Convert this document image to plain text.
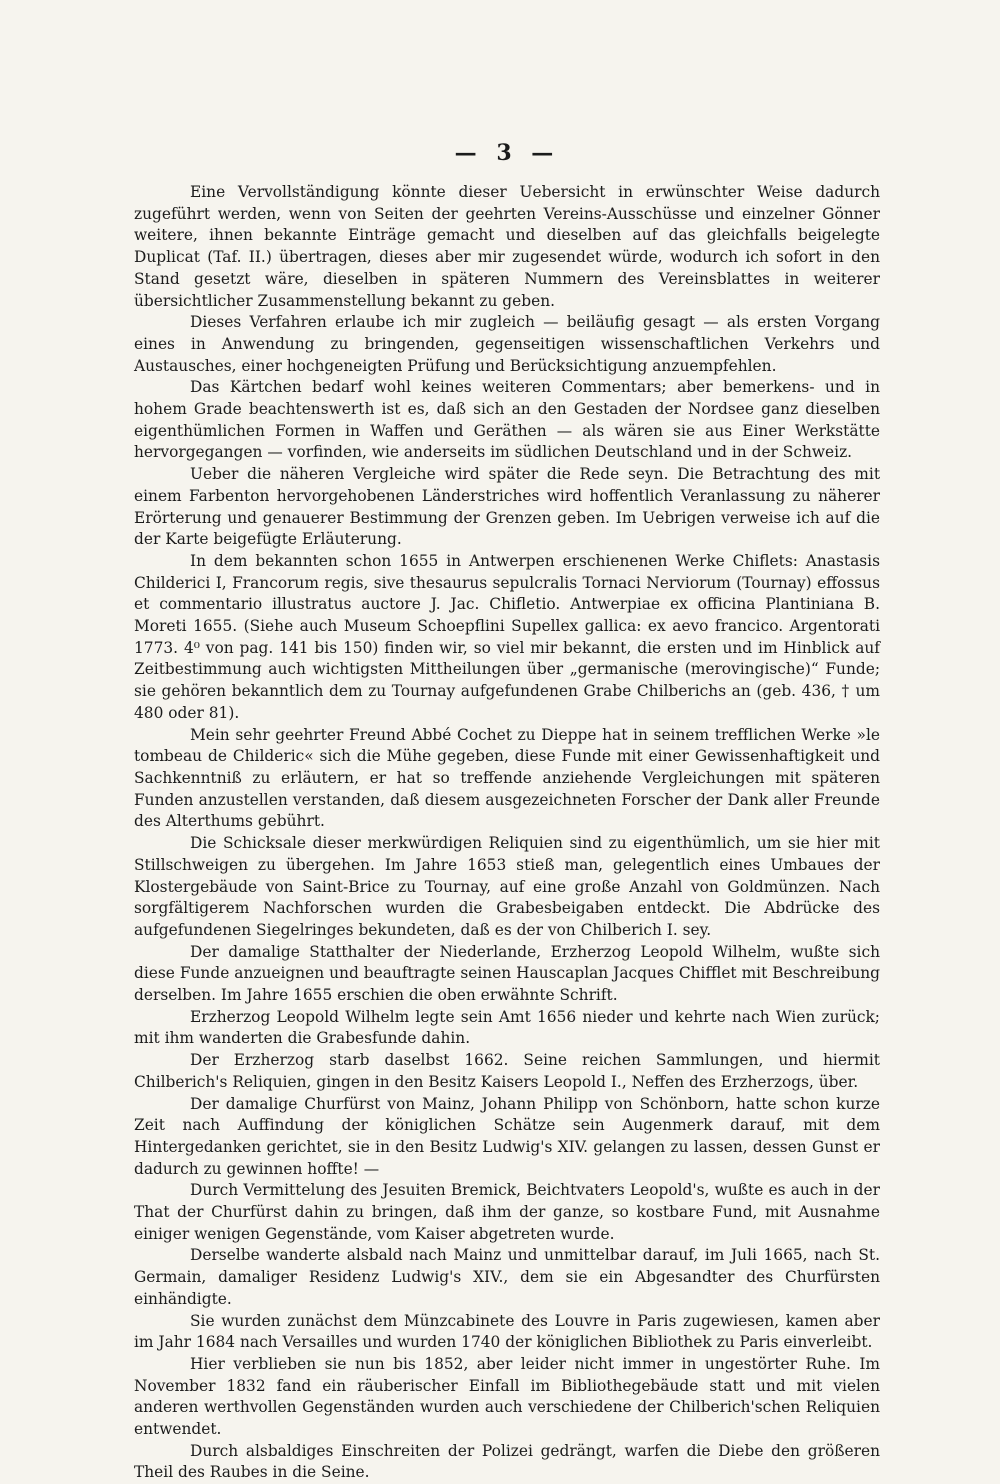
— 3 —

Eine Vervollständigung könnte dieser Uebersicht in erwünschter Weise dadurch zugeführt werden, wenn von Seiten der geehrten Vereins-Ausschüsse und einzelner Gönner weitere, ihnen bekannte Einträge gemacht und dieselben auf das gleichfalls beigelegte Duplicat (Taf. II.) übertragen, dieses aber mir zugesendet würde, wodurch ich sofort in den Stand gesetzt wäre, dieselben in späteren Nummern des Vereinsblattes in weiterer übersichtlicher Zusammenstellung bekannt zu geben.

Dieses Verfahren erlaube ich mir zugleich — beiläufig gesagt — als ersten Vorgang eines in Anwendung zu bringenden, gegenseitigen wissenschaftlichen Verkehrs und Austausches, einer hochgeneigten Prüfung und Berücksichtigung anzuempfehlen.

Das Kärtchen bedarf wohl keines weiteren Commentars; aber bemerkens- und in hohem Grade beachtenswerth ist es, daß sich an den Gestaden der Nordsee ganz dieselben eigenthümlichen Formen in Waffen und Geräthen — als wären sie aus Einer Werkstätte hervorgegangen — vorfinden, wie anderseits im südlichen Deutschland und in der Schweiz.

Ueber die näheren Vergleiche wird später die Rede seyn. Die Betrachtung des mit einem Farbenton hervorgehobenen Länderstriches wird hoffentlich Veranlassung zu näherer Erörterung und genauerer Bestimmung der Grenzen geben. Im Uebrigen verweise ich auf die der Karte beigefügte Erläuterung.

In dem bekannten schon 1655 in Antwerpen erschienenen Werke Chiflets: Anastasis Childerici I, Francorum regis, sive thesaurus sepulcralis Tornaci Nerviorum (Tournay) effossus et commentario illustratus auctore J. Jac. Chifletio. Antwerpiae ex officina Plantiniana B. Moreti 1655. (Siehe auch Museum Schoepflini Supellex gallica: ex aevo francico. Argentorati 1773. 4⁰ von pag. 141 bis 150) finden wir, so viel mir bekannt, die ersten und im Hinblick auf Zeitbestimmung auch wichtigsten Mittheilungen über „germanische (merovingische)“ Funde; sie gehören bekanntlich dem zu Tournay aufgefundenen Grabe Chilberichs an (geb. 436, † um 480 oder 81).

Mein sehr geehrter Freund Abbé Cochet zu Dieppe hat in seinem trefflichen Werke »le tombeau de Childeric« sich die Mühe gegeben, diese Funde mit einer Gewissenhaftigkeit und Sachkenntniß zu erläutern, er hat so treffende anziehende Vergleichungen mit späteren Funden anzustellen verstanden, daß diesem ausgezeichneten Forscher der Dank aller Freunde des Alterthums gebührt.

Die Schicksale dieser merkwürdigen Reliquien sind zu eigenthümlich, um sie hier mit Stillschweigen zu übergehen. Im Jahre 1653 stieß man, gelegentlich eines Umbaues der Klostergebäude von Saint-Brice zu Tournay, auf eine große Anzahl von Goldmünzen. Nach sorgfältigerem Nachforschen wurden die Grabesbeigaben entdeckt. Die Abdrücke des aufgefundenen Siegelringes bekundeten, daß es der von Chilberich I. sey.

Der damalige Statthalter der Niederlande, Erzherzog Leopold Wilhelm, wußte sich diese Funde anzueignen und beauftragte seinen Hauscaplan Jacques Chifflet mit Beschreibung derselben. Im Jahre 1655 erschien die oben erwähnte Schrift.

Erzherzog Leopold Wilhelm legte sein Amt 1656 nieder und kehrte nach Wien zurück; mit ihm wanderten die Grabesfunde dahin.

Der Erzherzog starb daselbst 1662. Seine reichen Sammlungen, und hiermit Chilberich's Reliquien, gingen in den Besitz Kaisers Leopold I., Neffen des Erzherzogs, über.

Der damalige Churfürst von Mainz, Johann Philipp von Schönborn, hatte schon kurze Zeit nach Auffindung der königlichen Schätze sein Augenmerk darauf, mit dem Hintergedanken gerichtet, sie in den Besitz Ludwig's XIV. gelangen zu lassen, dessen Gunst er dadurch zu gewinnen hoffte! —

Durch Vermittelung des Jesuiten Bremick, Beichtvaters Leopold's, wußte es auch in der That der Churfürst dahin zu bringen, daß ihm der ganze, so kostbare Fund, mit Ausnahme einiger wenigen Gegenstände, vom Kaiser abgetreten wurde.

Derselbe wanderte alsbald nach Mainz und unmittelbar darauf, im Juli 1665, nach St. Germain, damaliger Residenz Ludwig's XIV., dem sie ein Abgesandter des Churfürsten einhändigte.

Sie wurden zunächst dem Münzcabinete des Louvre in Paris zugewiesen, kamen aber im Jahr 1684 nach Versailles und wurden 1740 der königlichen Bibliothek zu Paris einverleibt.

Hier verblieben sie nun bis 1852, aber leider nicht immer in ungestörter Ruhe. Im November 1832 fand ein räuberischer Einfall im Bibliothegebäude statt und mit vielen anderen werthvollen Gegenständen wurden auch verschiedene der Chilberich'schen Reliquien entwendet.

Durch alsbaldiges Einschreiten der Polizei gedrängt, warfen die Diebe den größeren Theil des Raubes in die Seine.
